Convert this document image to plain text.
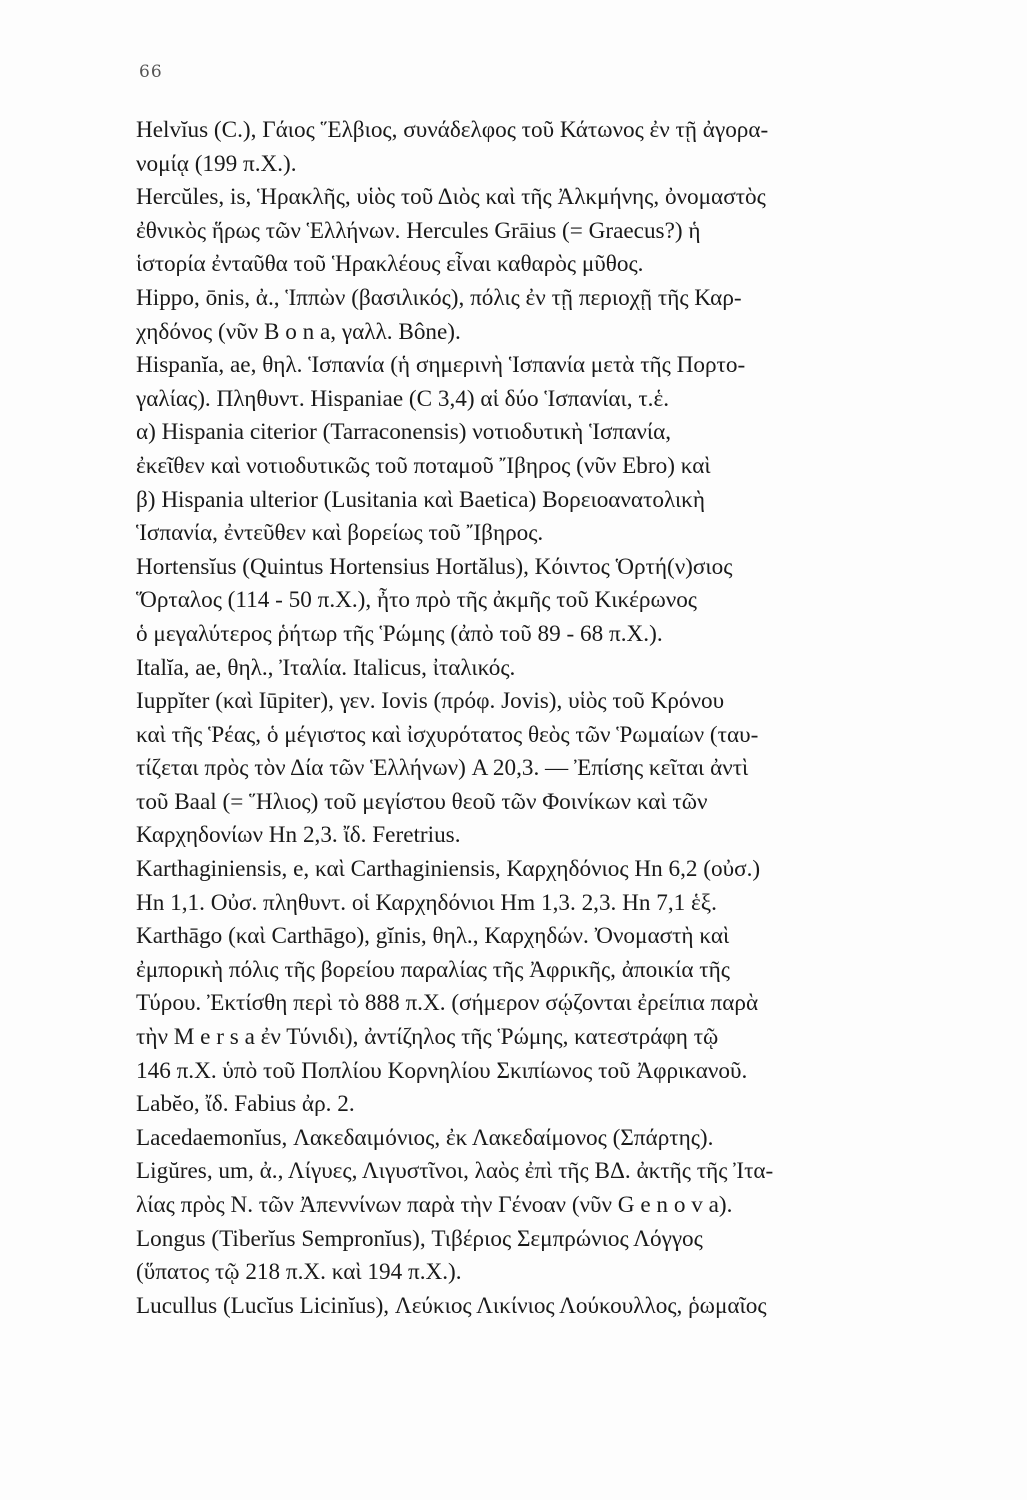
66

Helvĭus (C.), Γάιος Ἕλβιος, συνάδελφος τοῦ Κάτωνος ἐν τῇ ἀγορα-
νομίᾳ (199 π.Χ.).

Hercŭles, is, Ἡρακλῆς, υἱὸς τοῦ Διὸς καὶ τῆς Ἀλκμήνης, ὀνομαστὸς
ἐθνικὸς ἥρως τῶν Ἑλλήνων. Hercules Grāius (= Graecus?) ἡ
ἱστορία ἐνταῦθα τοῦ Ἡρακλέους εἶναι καθαρὸς μῦθος.

Hippo, ōnis, ἀ., Ἱππὼν (βασιλικός), πόλις ἐν τῇ περιοχῇ τῆς Καρ-
χηδόνος (νῦν B o n a, γαλλ. Bône).

Hispanĭa, ae, θηλ. Ἱσπανία (ἡ σημερινὴ Ἱσπανία μετὰ τῆς Πορτο-
γαλίας). Πληθυντ. Hispaniae (C 3,4) αἱ δύο Ἱσπανίαι, τ.ἑ.
α) Hispania citerior (Tarraconensis) νοτιοδυτικὴ Ἱσπανία,
ἐκεῖθεν καὶ νοτιοδυτικῶς τοῦ ποταμοῦ Ἴβηρος (νῦν Ebro) καὶ
β) Hispania ulterior (Lusitania καὶ Baetica) Βορειοανατολικὴ
Ἱσπανία, ἐντεῦθεν καὶ βορείως τοῦ Ἴβηρος.

Hortensĭus (Quintus Hortensius Hortălus), Κόιντος Ὁρτή(ν)σιος
Ὅρταλος (114 - 50 π.Χ.), ἦτο πρὸ τῆς ἀκμῆς τοῦ Κικέρωνος
ὁ μεγαλύτερος ῥήτωρ τῆς Ῥώμης (ἀπὸ τοῦ 89 - 68 π.Χ.).

Italĭa, ae, θηλ., Ἰταλία. Italicus, ἰταλικός.

Iuppĭter (καὶ Iūpiter), γεν. Iovis (πρόφ. Jovis), υἱὸς τοῦ Κρόνου
καὶ τῆς Ῥέας, ὁ μέγιστος καὶ ἰσχυρότατος θεὸς τῶν Ῥωμαίων (ταυ-
τίζεται πρὸς τὸν Δία τῶν Ἑλλήνων) A 20,3. — Ἐπίσης κεῖται ἀντὶ
τοῦ Baal (= Ἥλιος) τοῦ μεγίστου θεοῦ τῶν Φοινίκων καὶ τῶν
Καρχηδονίων Hn 2,3. ἴδ. Feretrius.

Karthaginiensis, e, καὶ Carthaginiensis, Καρχηδόνιος Hn 6,2 (οὐσ.)
Hn 1,1. Οὐσ. πληθυντ. οἱ Καρχηδόνιοι Hm 1,3. 2,3. Hn 7,1 ἑξ.

Karthāgo (καὶ Carthāgo), gĭnis, θηλ., Καρχηδών. Ὀνομαστὴ καὶ
ἐμπορικὴ πόλις τῆς βορείου παραλίας τῆς Ἀφρικῆς, ἀποικία τῆς
Τύρου. Ἐκτίσθη περὶ τὸ 888 π.Χ. (σήμερον σῴζονται ἐρείπια παρὰ
τὴν M e r s a ἐν Τύνιδι), ἀντίζηλος τῆς Ῥώμης, κατεστράφη τῷ
146 π.Χ. ὑπὸ τοῦ Ποπλίου Κορνηλίου Σκιπίωνος τοῦ Ἀφρικανοῦ.

Labĕo, ἴδ. Fabius ἀρ. 2.

Lacedaemonĭus, Λακεδαιμόνιος, ἐκ Λακεδαίμονος (Σπάρτης).

Ligŭres, um, ἀ., Λίγυες, Λιγυστῖνοι, λαὸς ἐπὶ τῆς ΒΔ. ἀκτῆς τῆς Ἰτα-
λίας πρὸς Ν. τῶν Ἀπεννίνων παρὰ τὴν Γένοαν (νῦν G e n o v a).

Longus (Tiberĭus Sempronĭus), Τιβέριος Σεμπρώνιος Λόγγος
(ὕπατος τῷ 218 π.Χ. καὶ 194 π.Χ.).

Lucullus (Lucĭus Licinĭus), Λεύκιος Λικίνιος Λούκουλλος, ῥωμαῖος
